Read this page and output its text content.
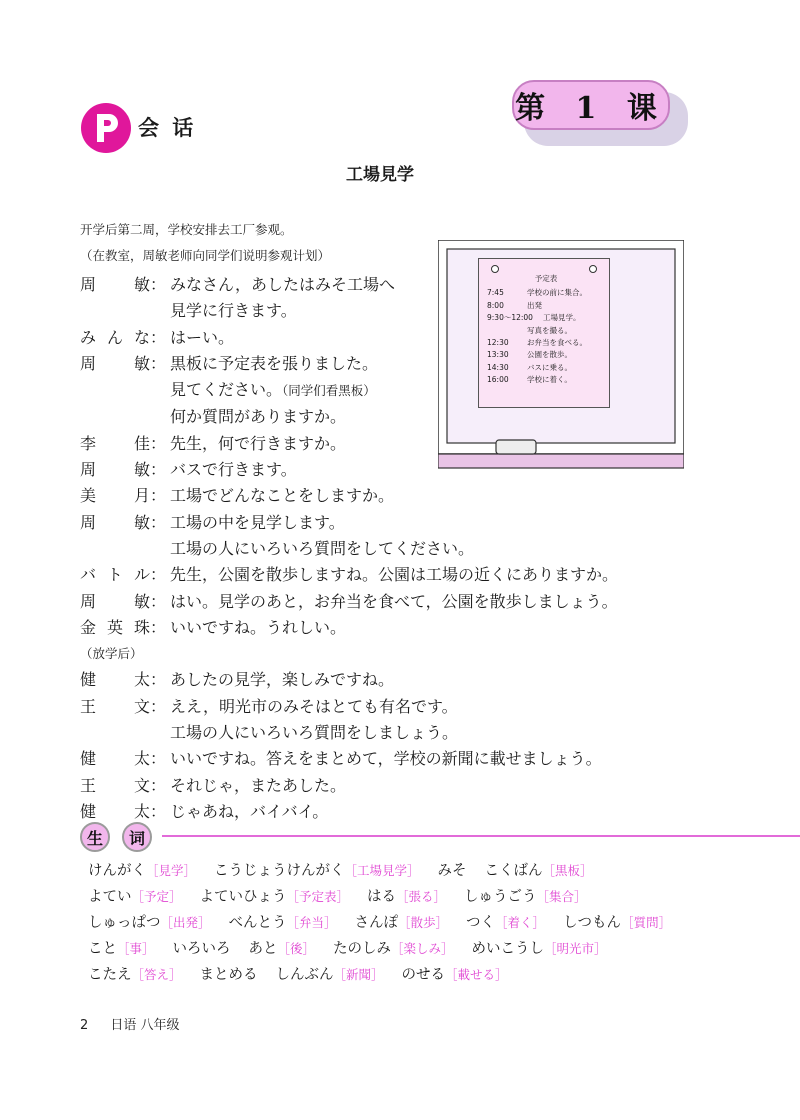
会 话
第 1 课
工場見学
开学后第二周，学校安排去工厂参观。
（在教室，周敏老师向同学们说明参观计划）
予定表
7:45	学校の前に集合。
8:00	出発
9:30～12:00	工場見学。
写真を撮る。
12:30	お弁当を食べる。
13:30	公園を散歩。
14:30	バスに乗る。
16:00	学校に着く。
周　敏： みなさん，あしたはみそ工場へ
見学に行きます。
みんな： はーい。
周　敏： 黒板に予定表を張りました。
見てください。（同学们看黑板）
何か質問がありますか。
李　佳： 先生，何で行きますか。
周　敏： バスで行きます。
美　月： 工場でどんなことをしますか。
周　敏： 工場の中を見学します。
工場の人にいろいろ質問をしてください。
バトル： 先生，公園を散歩しますね。公園は工場の近くにありますか。
周　敏： はい。見学のあと，お弁当を食べて，公園を散歩しましょう。
金英珠： いいですね。うれしい。
（放学后）
健　太： あしたの見学，楽しみですね。
王　文： ええ，明光市のみそはとても有名です。
工場の人にいろいろ質問をしましょう。
健　太： いいですね。答えをまとめて，学校の新聞に載せましょう。
王　文： それじゃ，またあした。
健　太： じゃあね，バイバイ。
生	词
けんがく［見学］ こうじょうけんがく［工場見学］ みそ こくばん［黒板］
よてい［予定］ よていひょう［予定表］ はる［張る］ しゅうごう［集合］
しゅっぱつ［出発］ べんとう［弁当］ さんぽ［散歩］ つく［着く］ しつもん［質問］
こと［事］ いろいろ あと［後］ たのしみ［楽しみ］ めいこうし［明光市］
こたえ［答え］ まとめる しんぶん［新聞］ のせる［載せる］
2 日语 八年级
